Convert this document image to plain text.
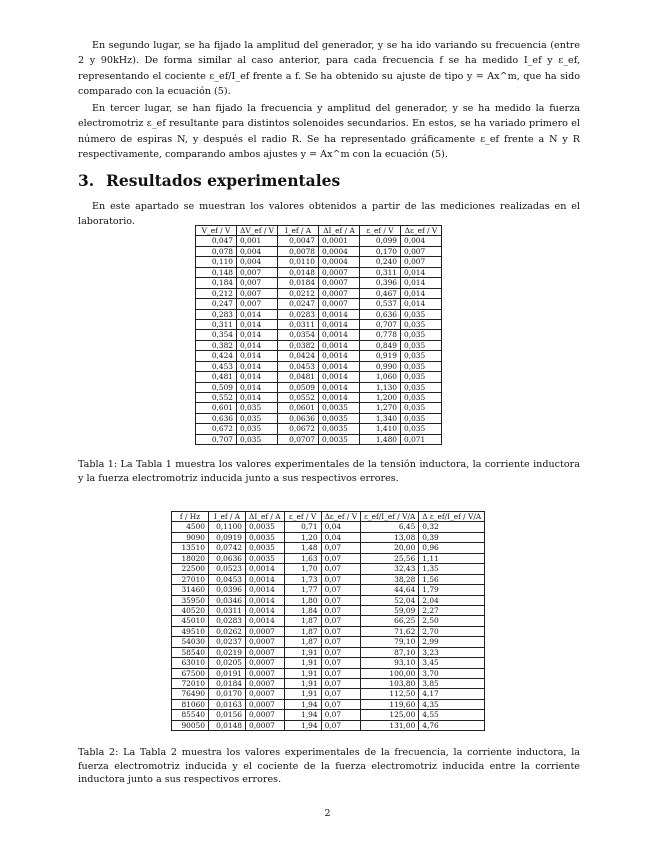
En segundo lugar, se ha fijado la amplitud del generador, y se ha ido variando su frecuencia (entre 2 y 90kHz). De forma similar al caso anterior, para cada frecuencia f se ha medido I_ef y ε_ef, representando el cociente ε_ef/I_ef frente a f. Se ha obtenido su ajuste de tipo y = Ax^m, que ha sido comparado con la ecuación (5).

En tercer lugar, se han fijado la frecuencia y amplitud del generador, y se ha medido la fuerza electromotriz ε_ef resultante para distintos solenoides secundarios. En estos, se ha variado primero el número de espiras N, y después el radio R. Se ha representado gráficamente ε_ef frente a N y R respectivamente, comparando ambos ajustes y = Ax^m con la ecuación (5).

3. Resultados experimentales

En este apartado se muestran los valores obtenidos a partir de las mediciones realizadas en el laboratorio.

V_ef / V	ΔV_ef / V	I_ef / A	ΔI_ef / A	ε_ef / V	Δε_ef / V
0,047	0,001	0,0047	0,0001	0,099	0,004
0,078	0,004	0,0078	0,0004	0,170	0,007
0,110	0,004	0,0110	0,0004	0,240	0,007
0,148	0,007	0,0148	0,0007	0,311	0,014
0,184	0,007	0,0184	0,0007	0,396	0,014
0,212	0,007	0,0212	0,0007	0,467	0,014
0,247	0,007	0,0247	0,0007	0,537	0,014
0,283	0,014	0,0283	0,0014	0,636	0,035
0,311	0,014	0,0311	0,0014	0,707	0,035
0,354	0,014	0,0354	0,0014	0,778	0,035
0,382	0,014	0,0382	0,0014	0,849	0,035
0,424	0,014	0,0424	0,0014	0,919	0,035
0,453	0,014	0,0453	0,0014	0,990	0,035
0,481	0,014	0,0481	0,0014	1,060	0,035
0,509	0,014	0,0509	0,0014	1,130	0,035
0,552	0,014	0,0552	0,0014	1,200	0,035
0,601	0,035	0,0601	0,0035	1,270	0,035
0,636	0,035	0,0636	0,0035	1,340	0,035
0,672	0,035	0,0672	0,0035	1,410	0,035
0,707	0,035	0,0707	0,0035	1,480	0,071

Tabla 1: La Tabla 1 muestra los valores experimentales de la tensión inductora, la corriente inductora y la fuerza electromotriz inducida junto a sus respectivos errores.

f / Hz	I_ef / A	ΔI_ef / A	ε_ef / V	Δε_ef / V	ε_ef/I_ef / V/A	Δ ε_ef/I_ef / V/A
4500	0,1100	0,0035	0,71	0,04	6,45	0,32
9090	0,0919	0,0035	1,20	0,04	13,08	0,39
13510	0,0742	0,0035	1,48	0,07	20,00	0,96
18020	0,0636	0,0035	1,63	0,07	25,56	1,11
22500	0,0523	0,0014	1,70	0,07	32,43	1,35
27010	0,0453	0,0014	1,73	0,07	38,28	1,56
31460	0,0396	0,0014	1,77	0,07	44,64	1,79
35950	0,0346	0,0014	1,80	0,07	52,04	2,04
40520	0,0311	0,0014	1,84	0,07	59,09	2,27
45010	0,0283	0,0014	1,87	0,07	66,25	2,50
49510	0,0262	0,0007	1,87	0,07	71,62	2,70
54030	0,0237	0,0007	1,87	0,07	79,10	2,99
58540	0,0219	0,0007	1,91	0,07	87,10	3,23
63010	0,0205	0,0007	1,91	0,07	93,10	3,45
67500	0,0191	0,0007	1,91	0,07	100,00	3,70
72010	0,0184	0,0007	1,91	0,07	103,80	3,85
76490	0,0170	0,0007	1,91	0,07	112,50	4,17
81060	0,0163	0,0007	1,94	0,07	119,60	4,35
85540	0,0156	0,0007	1,94	0,07	125,00	4,55
90050	0,0148	0,0007	1,94	0,07	131,00	4,76

Tabla 2: La Tabla 2 muestra los valores experimentales de la frecuencia, la corriente inductora, la fuerza electromotriz inducida y el cociente de la fuerza electromotriz inducida entre la corriente inductora junto a sus respectivos errores.

2
